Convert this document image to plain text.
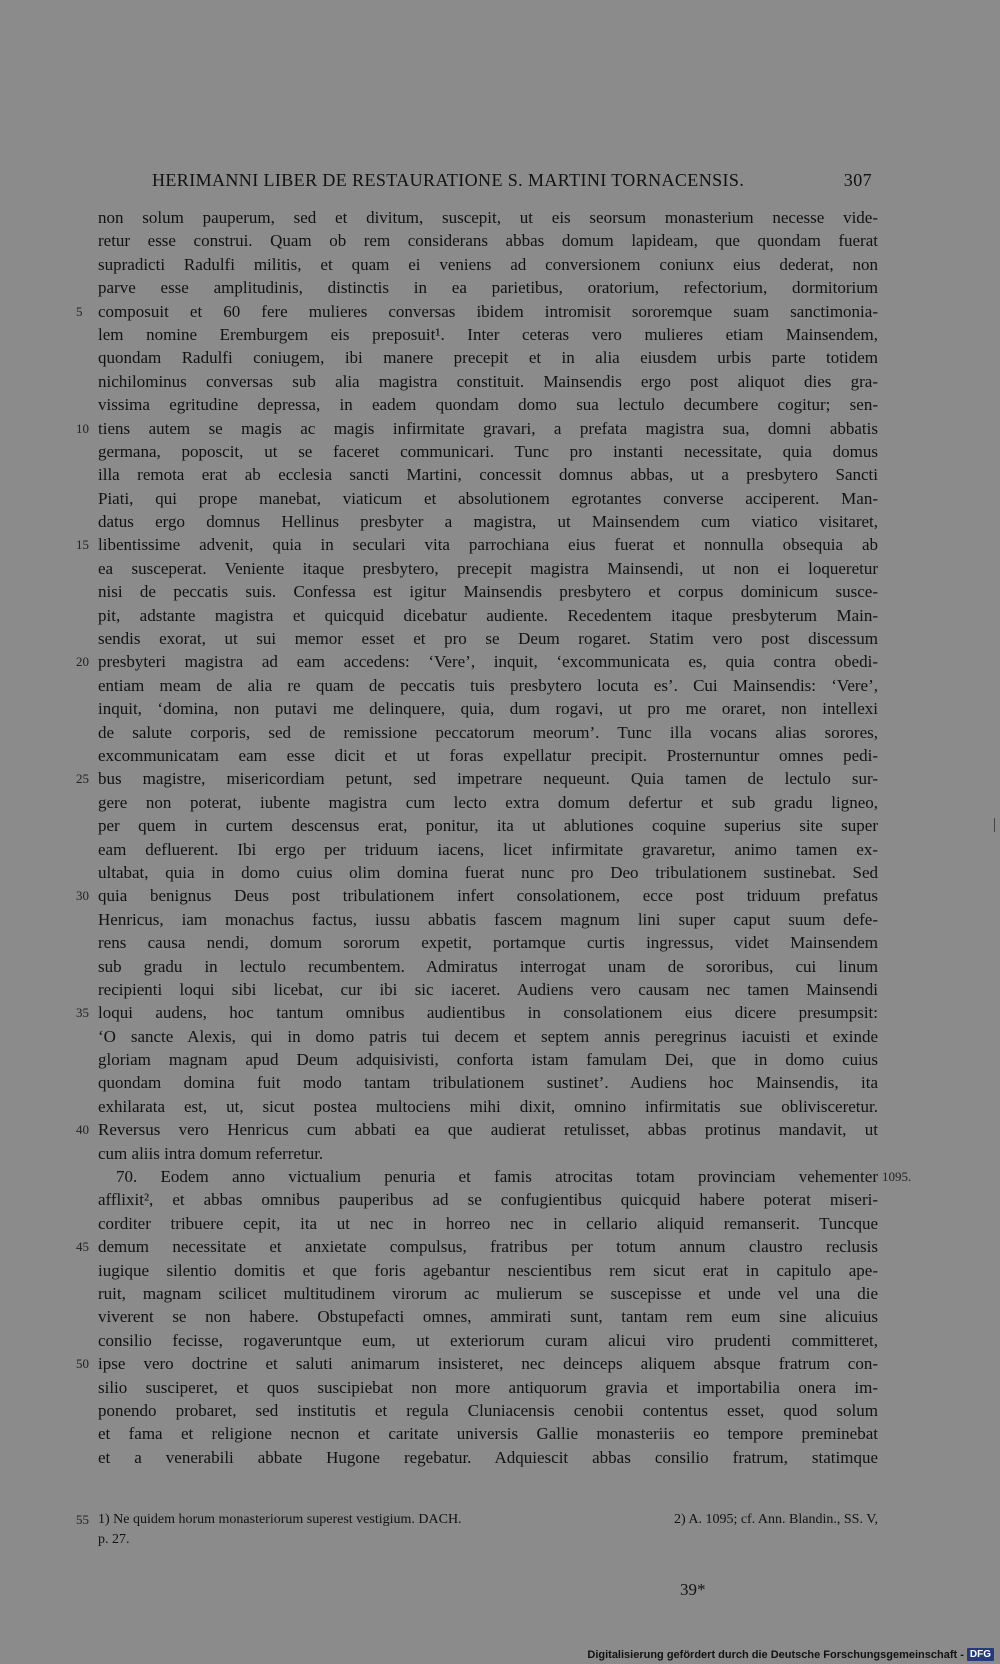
HERIMANNI LIBER DE RESTAURATIONE S. MARTINI TORNACENSIS.	307
non solum pauperum, sed et divitum, suscepit, ut eis seorsum monasterium necesse vide-
retur esse construi. Quam ob rem considerans abbas domum lapideam, que quondam fuerat
supradicti Radulfi militis, et quam ei veniens ad conversionem coniunx eius dederat, non
parve esse amplitudinis, distinctis in ea parietibus, oratorium, refectorium, dormitorium
5 composuit et 60 fere mulieres conversas ibidem intromisit sororemque suam sanctimonia-
lem nomine Eremburgem eis preposuit¹. Inter ceteras vero mulieres etiam Mainsendem,
quondam Radulfi coniugem, ibi manere precepit et in alia eiusdem urbis parte totidem
nichilominus conversas sub alia magistra constituit. Mainsendis ergo post aliquot dies gra-
vissima egritudine depressa, in eadem quondam domo sua lectulo decumbere cogitur; sen-
10 tiens autem se magis ac magis infirmitate gravari, a prefata magistra sua, domni abbatis
germana, poposcit, ut se faceret communicari. Tunc pro instanti necessitate, quia domus
illa remota erat ab ecclesia sancti Martini, concessit domnus abbas, ut a presbytero Sancti
Piati, qui prope manebat, viaticum et absolutionem egrotantes converse acciperent. Man-
datus ergo domnus Hellinus presbyter a magistra, ut Mainsendem cum viatico visitaret,
15 libentissime advenit, quia in seculari vita parrochiana eius fuerat et nonnulla obsequia ab
ea susceperat. Veniente itaque presbytero, precepit magistra Mainsendi, ut non ei loqueretur
nisi de peccatis suis. Confessa est igitur Mainsendis presbytero et corpus dominicum susce-
pit, adstante magistra et quicquid dicebatur audiente. Recedentem itaque presbyterum Main-
sendis exorat, ut sui memor esset et pro se Deum rogaret. Statim vero post discessum
20 presbyteri magistra ad eam accedens: ‘Vere’, inquit, ‘excommunicata es, quia contra obedi-
entiam meam de alia re quam de peccatis tuis presbytero locuta es’. Cui Mainsendis: ‘Vere’,
inquit, ‘domina, non putavi me delinquere, quia, dum rogavi, ut pro me oraret, non intellexi
de salute corporis, sed de remissione peccatorum meorum’. Tunc illa vocans alias sorores,
excommunicatam eam esse dicit et ut foras expellatur precipit. Prosternuntur omnes pedi-
25 bus magistre, misericordiam petunt, sed impetrare nequeunt. Quia tamen de lectulo sur-
gere non poterat, iubente magistra cum lecto extra domum defertur et sub gradu ligneo,
per quem in curtem descensus erat, ponitur, ita ut ablutiones coquine superius site super
eam defluerent. Ibi ergo per triduum iacens, licet infirmitate gravaretur, animo tamen ex-
ultabat, quia in domo cuius olim domina fuerat nunc pro Deo tribulationem sustinebat. Sed
30 quia benignus Deus post tribulationem infert consolationem, ecce post triduum prefatus
Henricus, iam monachus factus, iussu abbatis fascem magnum lini super caput suum defe-
rens causa nendi, domum sororum expetit, portamque curtis ingressus, videt Mainsendem
sub gradu in lectulo recumbentem. Admiratus interrogat unam de sororibus, cui linum
recipienti loqui sibi licebat, cur ibi sic iaceret. Audiens vero causam nec tamen Mainsendi
35 loqui audens, hoc tantum omnibus audientibus in consolationem eius dicere presumpsit:
‘O sancte Alexis, qui in domo patris tui decem et septem annis peregrinus iacuisti et exinde
gloriam magnam apud Deum adquisivisti, conforta istam famulam Dei, que in domo cuius
quondam domina fuit modo tantam tribulationem sustinet’. Audiens hoc Mainsendis, ita
exhilarata est, ut, sicut postea multociens mihi dixit, omnino infirmitatis sue oblivisceretur.
40 Reversus vero Henricus cum abbati ea que audierat retulisset, abbas protinus mandavit, ut
cum aliis intra domum referretur.
70. Eodem anno victualium penuria et famis atrocitas totam provinciam vehementer 1095.
afflixit², et abbas omnibus pauperibus ad se confugientibus quicquid habere poterat miseri-
corditer tribuere cepit, ita ut nec in horreo nec in cellario aliquid remanserit. Tuncque
45 demum necessitate et anxietate compulsus, fratribus per totum annum claustro reclusis
iugique silentio domitis et que foris agebantur nescientibus rem sicut erat in capitulo ape-
ruit, magnam scilicet multitudinem virorum ac mulierum se suscepisse et unde vel una die
viverent se non habere. Obstupefacti omnes, ammirati sunt, tantam rem eum sine alicuius
consilio fecisse, rogaveruntque eum, ut exteriorum curam alicui viro prudenti committeret,
50 ipse vero doctrine et saluti animarum insisteret, nec deinceps aliquem absque fratrum con-
silio susciperet, et quos suscipiebat non more antiquorum gravia et importabilia onera im-
ponendo probaret, sed institutis et regula Cluniacensis cenobii contentus esset, quod solum
et fama et religione necnon et caritate universis Gallie monasteriis eo tempore preminebat
et a venerabili abbate Hugone regebatur. Adquiescit abbas consilio fratrum, statimque
55 1) Ne quidem horum monasteriorum superest vestigium. DACH.	2) A. 1095; cf. Ann. Blandin., SS. V,
p. 27.
39*
Digitalisierung gefördert durch die Deutsche Forschungsgemeinschaft - DFG
